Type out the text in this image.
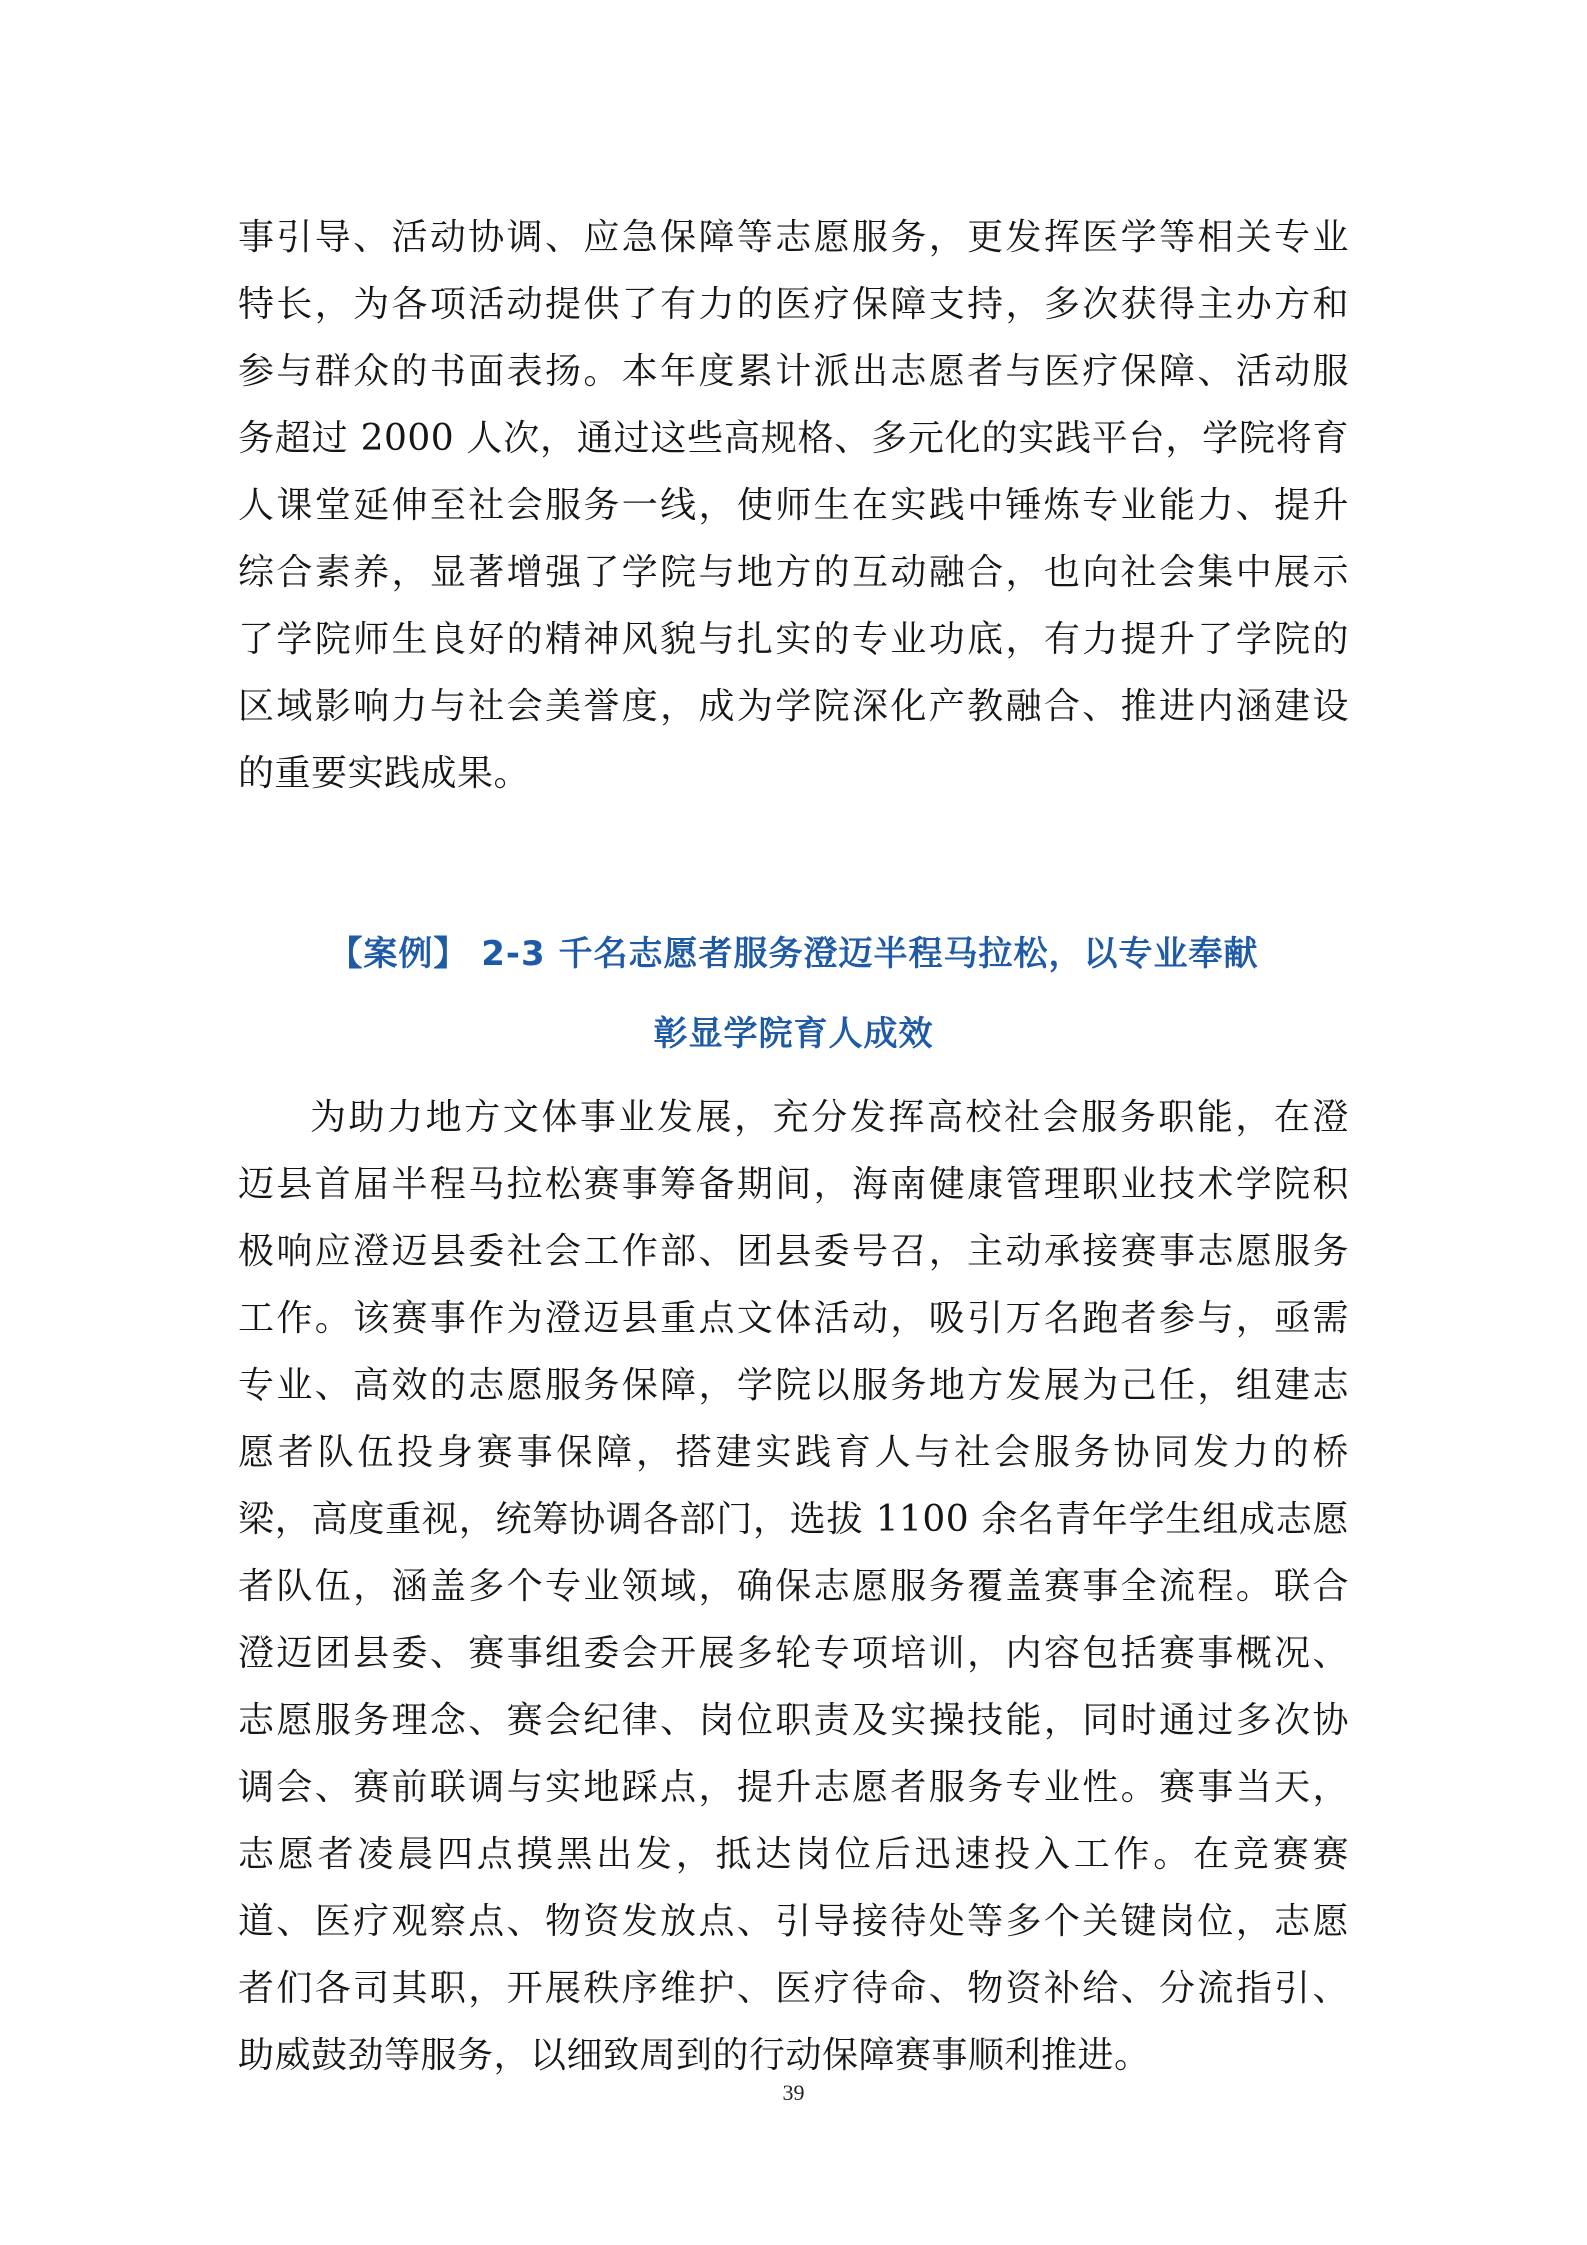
事引导、活动协调、应急保障等志愿服务，更发挥医学等相关专业
特长，为各项活动提供了有力的医疗保障支持，多次获得主办方和
参与群众的书面表扬。本年度累计派出志愿者与医疗保障、活动服
务超过 2000 人次，通过这些高规格、多元化的实践平台，学院将育
人课堂延伸至社会服务一线，使师生在实践中锤炼专业能力、提升
综合素养，显著增强了学院与地方的互动融合，也向社会集中展示
了学院师生良好的精神风貌与扎实的专业功底，有力提升了学院的
区域影响力与社会美誉度，成为学院深化产教融合、推进内涵建设
的重要实践成果。
【案例】 2-3 千名志愿者服务澄迈半程马拉松，以专业奉献
彰显学院育人成效
为助力地方文体事业发展，充分发挥高校社会服务职能，在澄
迈县首届半程马拉松赛事筹备期间，海南健康管理职业技术学院积
极响应澄迈县委社会工作部、团县委号召，主动承接赛事志愿服务
工作。该赛事作为澄迈县重点文体活动，吸引万名跑者参与，亟需
专业、高效的志愿服务保障，学院以服务地方发展为己任，组建志
愿者队伍投身赛事保障，搭建实践育人与社会服务协同发力的桥
梁，高度重视，统筹协调各部门，选拔 1100 余名青年学生组成志愿
者队伍，涵盖多个专业领域，确保志愿服务覆盖赛事全流程。联合
澄迈团县委、赛事组委会开展多轮专项培训，内容包括赛事概况、
志愿服务理念、赛会纪律、岗位职责及实操技能，同时通过多次协
调会、赛前联调与实地踩点，提升志愿者服务专业性。赛事当天，
志愿者凌晨四点摸黑出发，抵达岗位后迅速投入工作。在竞赛赛
道、医疗观察点、物资发放点、引导接待处等多个关键岗位，志愿
者们各司其职，开展秩序维护、医疗待命、物资补给、分流指引、
助威鼓劲等服务，以细致周到的行动保障赛事顺利推进。
39
